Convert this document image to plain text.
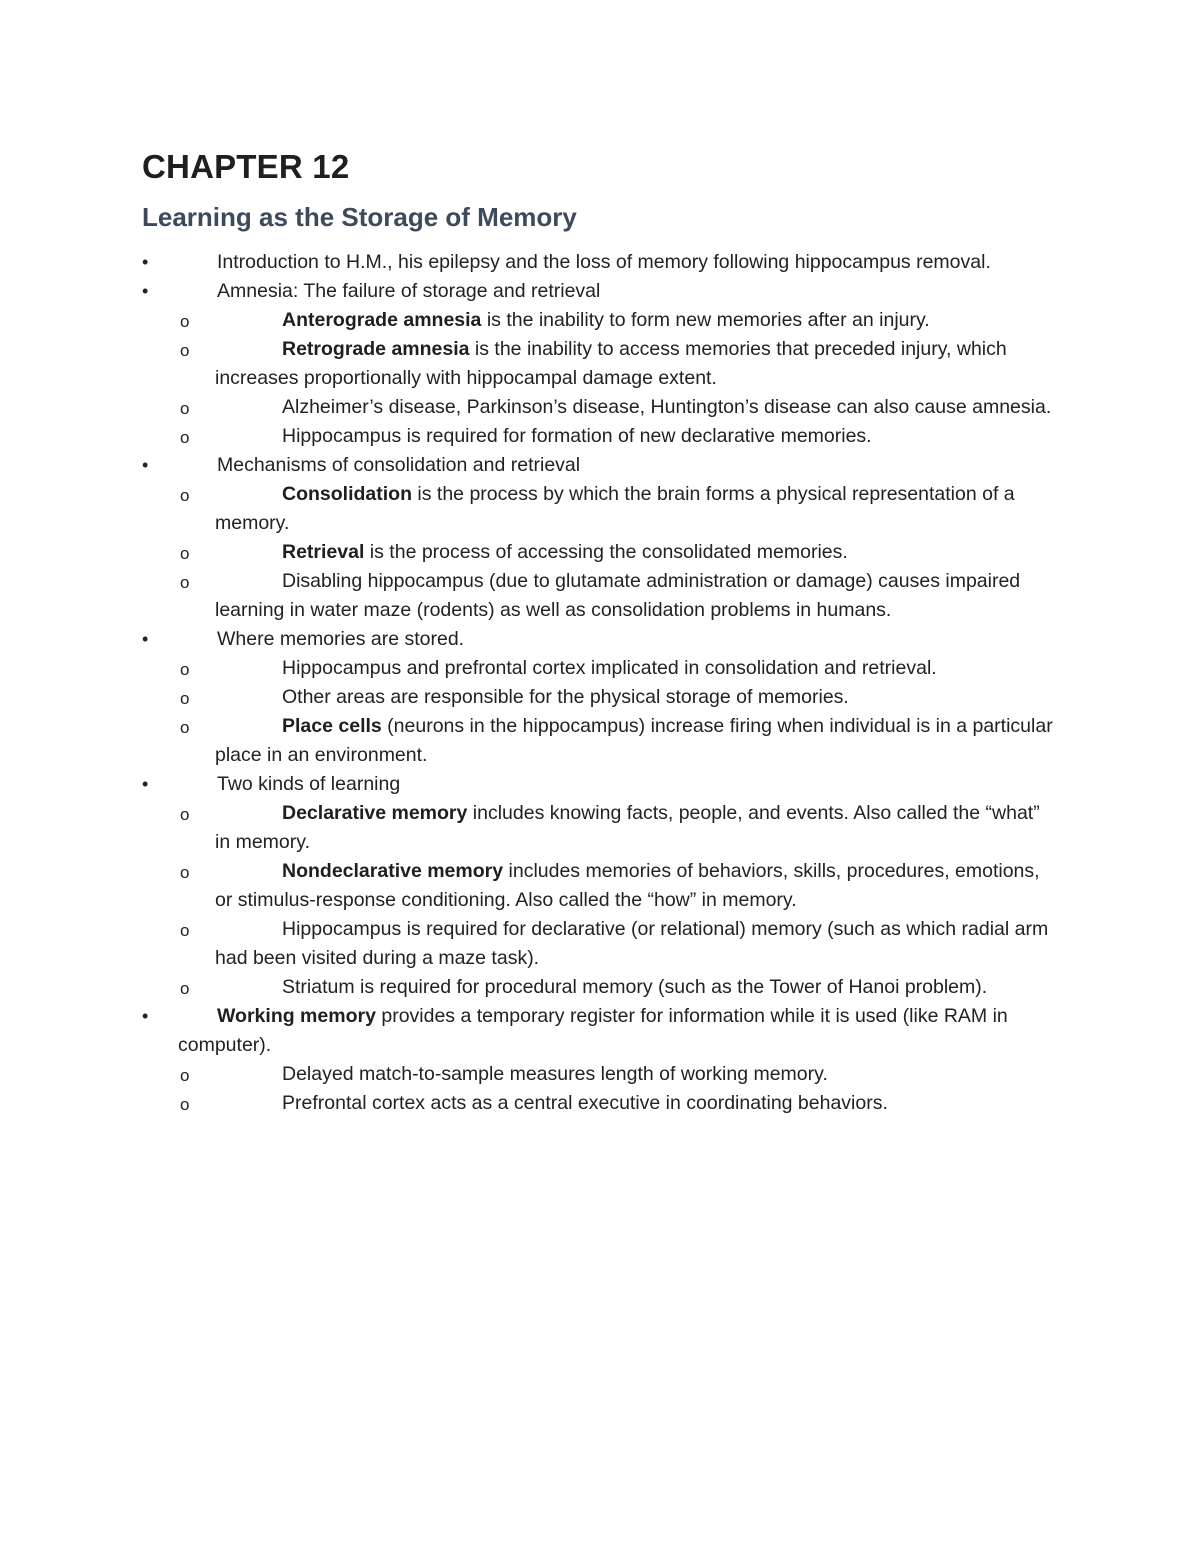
CHAPTER 12
Learning as the Storage of Memory
•	Introduction to H.M., his epilepsy and the loss of memory following hippocampus removal.
•	Amnesia: The failure of storage and retrieval
o	Anterograde amnesia is the inability to form new memories after an injury.
o	Retrograde amnesia is the inability to access memories that preceded injury, which increases proportionally with hippocampal damage extent.
o	Alzheimer’s disease, Parkinson’s disease, Huntington’s disease can also cause amnesia.
o	Hippocampus is required for formation of new declarative memories.
•	Mechanisms of consolidation and retrieval
o	Consolidation is the process by which the brain forms a physical representation of a memory.
o	Retrieval is the process of accessing the consolidated memories.
o	Disabling hippocampus (due to glutamate administration or damage) causes impaired learning in water maze (rodents) as well as consolidation problems in humans.
•	Where memories are stored.
o	Hippocampus and prefrontal cortex implicated in consolidation and retrieval.
o	Other areas are responsible for the physical storage of memories.
o	Place cells (neurons in the hippocampus) increase firing when individual is in a particular place in an environment.
•	Two kinds of learning
o	Declarative memory includes knowing facts, people, and events. Also called the “what” in memory.
o	Nondeclarative memory includes memories of behaviors, skills, procedures, emotions, or stimulus-response conditioning. Also called the “how” in memory.
o	Hippocampus is required for declarative (or relational) memory (such as which radial arm had been visited during a maze task).
o	Striatum is required for procedural memory (such as the Tower of Hanoi problem).
•	Working memory provides a temporary register for information while it is used (like RAM in computer).
o	Delayed match-to-sample measures length of working memory.
o	Prefrontal cortex acts as a central executive in coordinating behaviors.
